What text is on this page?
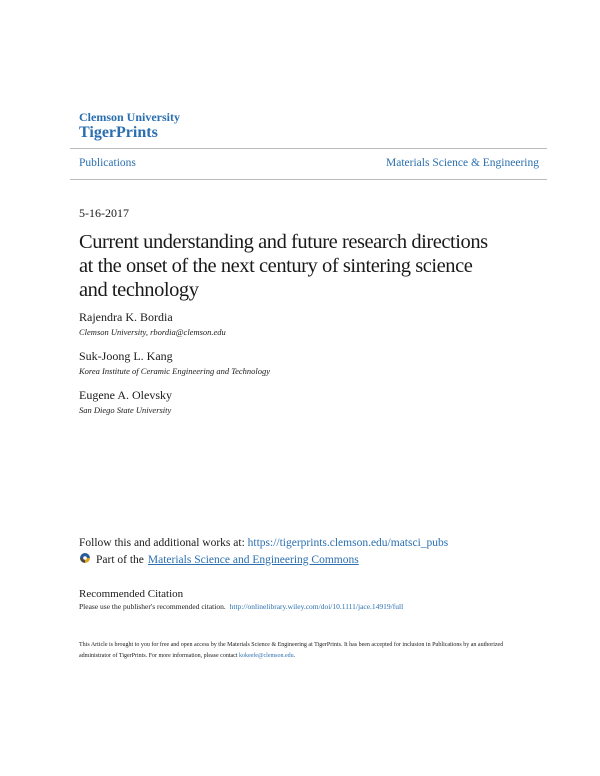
Clemson University
TigerPrints
Publications	Materials Science & Engineering
5-16-2017
Current understanding and future research directions at the onset of the next century of sintering science and technology
Rajendra K. Bordia
Clemson University, rbordia@clemson.edu
Suk-Joong L. Kang
Korea Institute of Ceramic Engineering and Technology
Eugene A. Olevsky
San Diego State University
Follow this and additional works at: https://tigerprints.clemson.edu/matsci_pubs
Part of the Materials Science and Engineering Commons
Recommended Citation
Please use the publisher's recommended citation. http://onlinelibrary.wiley.com/doi/10.1111/jace.14919/full
This Article is brought to you for free and open access by the Materials Science & Engineering at TigerPrints. It has been accepted for inclusion in Publications by an authorized administrator of TigerPrints. For more information, please contact kokeefe@clemson.edu.
